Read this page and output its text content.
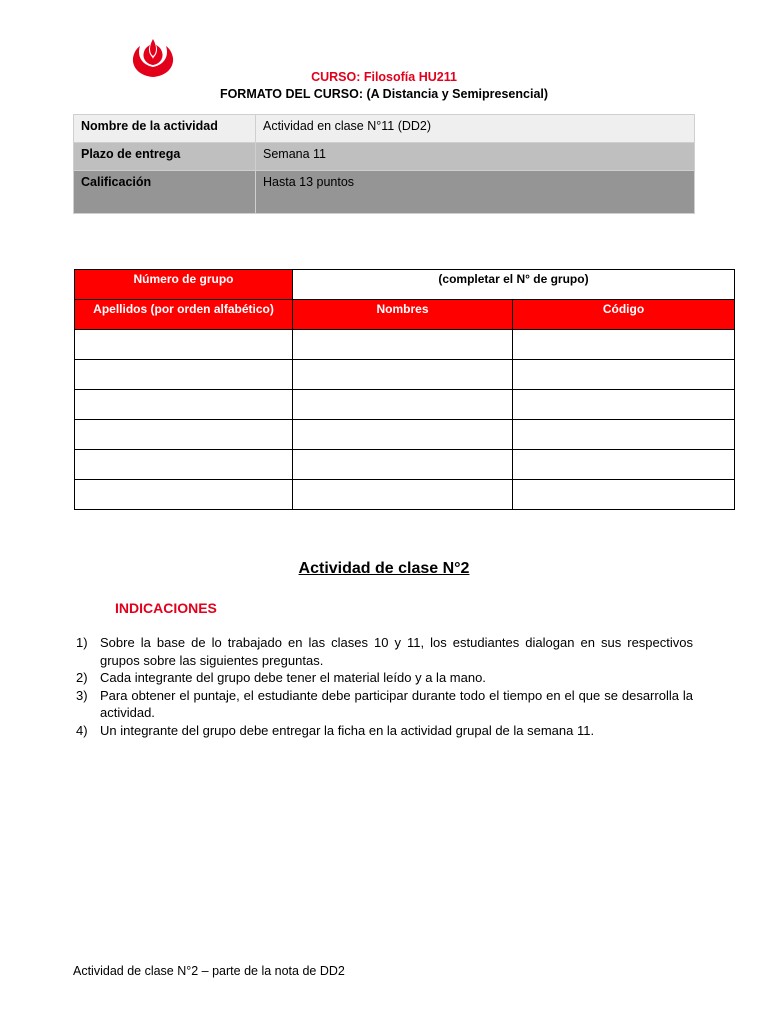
CURSO: Filosofía HU211
FORMATO DEL CURSO: (A Distancia y Semipresencial)
Nombre de la actividad	Actividad en clase N°11 (DD2)
Plazo de entrega	Semana 11
Calificación	Hasta 13 puntos
Número de grupo	(completar el N° de grupo)	
Apellidos (por orden alfabético)	Nombres	Código

Actividad de clase N°2
INDICACIONES
1) Sobre la base de lo trabajado en las clases 10 y 11, los estudiantes dialogan en sus respectivos grupos sobre las siguientes preguntas.
2) Cada integrante del grupo debe tener el material leído y a la mano.
3) Para obtener el puntaje, el estudiante debe participar durante todo el tiempo en el que se desarrolla la actividad.
4) Un integrante del grupo debe entregar la ficha en la actividad grupal de la semana 11.
Actividad de clase N°2 – parte de la nota de DD2
